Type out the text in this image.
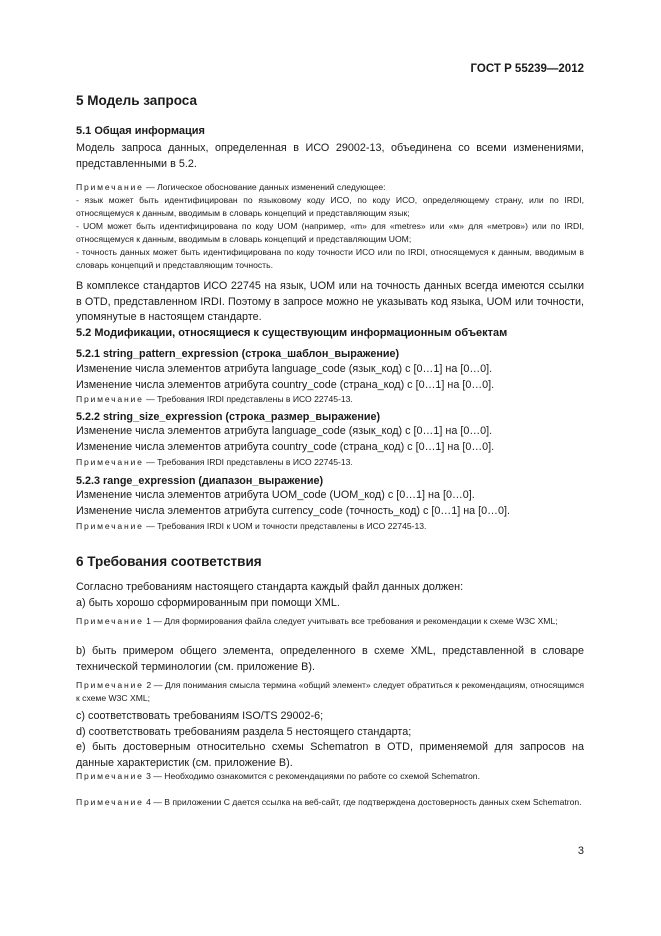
ГОСТ Р 55239—2012
5 Модель запроса
5.1 Общая информация
Модель запроса данных, определенная в ИСО 29002-13, объединена со всеми изменениями, представленными в 5.2.
Примечание — Логическое обоснование данных изменений следующее:
- язык может быть идентифицирован по языковому коду ИСО, по коду ИСО, определяющему страну, или по IRDI, относящемуся к данным, вводимым в словарь концепций и представляющим язык;
- UOM может быть идентифицирована по коду UOM (например, «m» для «metres» или «м» для «метров») или по IRDI, относящемуся к данным, вводимым в словарь концепций и представляющим UOM;
- точность данных может быть идентифицирована по коду точности ИСО или по IRDI, относящемуся к данным, вводимым в словарь концепций и представляющим точность.
В комплексе стандартов ИСО 22745 на язык, UOM или на точность данных всегда имеются ссылки в OTD, представленном IRDI. Поэтому в запросе можно не указывать код языка, UOM или точности, упомянутые в настоящем стандарте.
5.2 Модификации, относящиеся к существующим информационным объектам
5.2.1 string_pattern_expression (строка_шаблон_выражение)
Изменение числа элементов атрибута language_code (язык_код) с [0…1] на [0…0].
Изменение числа элементов атрибута country_code (страна_код) с [0…1] на [0…0].
Примечание — Требования IRDI представлены в ИСО 22745-13.
5.2.2 string_size_expression (строка_размер_выражение)
Изменение числа элементов атрибута language_code (язык_код) с [0…1] на [0…0].
Изменение числа элементов атрибута country_code (страна_код) с [0…1] на [0…0].
Примечание — Требования IRDI представлены в ИСО 22745-13.
5.2.3 range_expression (диапазон_выражение)
Изменение числа элементов атрибута UOM_code (UOM_код) с [0…1] на [0…0].
Изменение числа элементов атрибута currency_code (точность_код) с [0…1] на [0…0].
Примечание — Требования IRDI к UOM и точности представлены в ИСО 22745-13.
6 Требования соответствия
Согласно требованиям настоящего стандарта каждый файл данных должен:
а) быть хорошо сформированным при помощи XML.
Примечание 1 — Для формирования файла следует учитывать все требования и рекомендации к схеме W3C XML;
b) быть примером общего элемента, определенного в схеме XML, представленной в словаре технической терминологии (см. приложение B).
Примечание 2 — Для понимания смысла термина «общий элемент» следует обратиться к рекомендациям, относящимся к схеме W3C XML;
c) соответствовать требованиям ISO/TS 29002-6;
d) соответствовать требованиям раздела 5 нестоящего стандарта;
e) быть достоверным относительно схемы Schematron в OTD, применяемой для запросов на данные характеристик (см. приложение B).
Примечание 3 — Необходимо ознакомится с рекомендациями по работе со схемой Schematron.
Примечание 4 — В приложении С дается ссылка на веб-сайт, где подтверждена достоверность данных схем Schematron.
3
